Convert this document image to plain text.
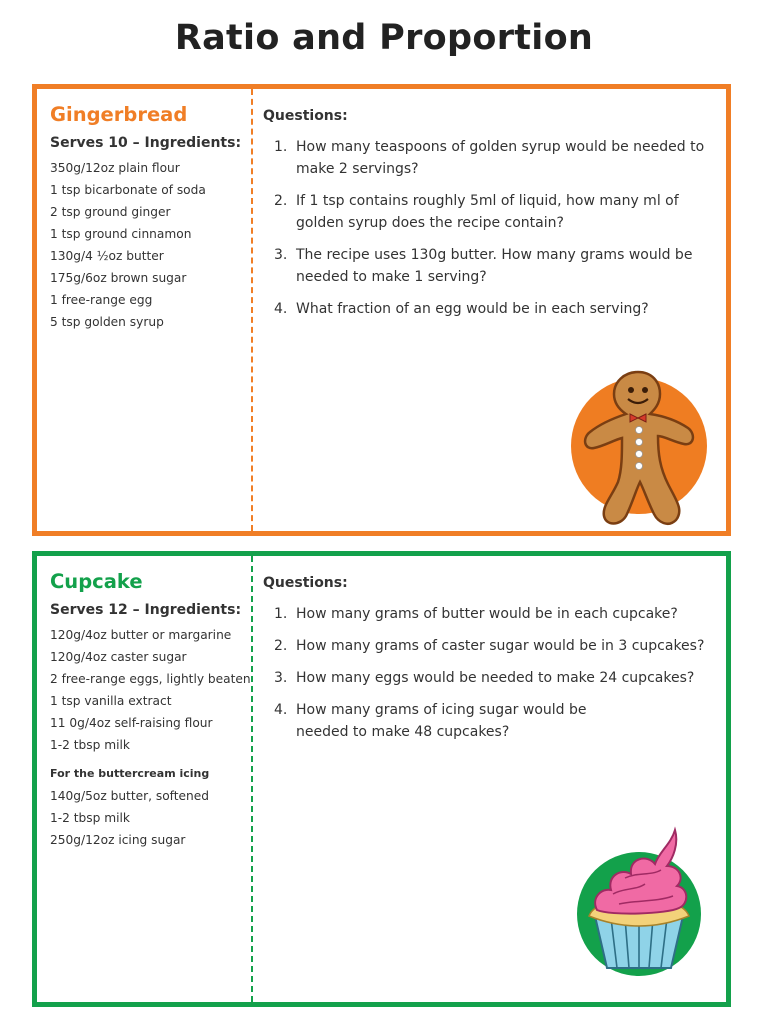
Ratio and Proportion
Gingerbread
Serves 10 – Ingredients:
350g/12oz plain flour
1 tsp bicarbonate of soda
2 tsp ground ginger
1 tsp ground cinnamon
130g/4 ½oz butter
175g/6oz brown sugar
1 free-range egg
5 tsp golden syrup
Questions:
1. How many teaspoons of golden syrup would be needed to make 2 servings?
2. If 1 tsp contains roughly 5ml of liquid, how many ml of golden syrup does the recipe contain?
3. The recipe uses 130g butter. How many grams would be needed to make 1 serving?
4. What fraction of an egg would be in each serving?
Cupcake
Serves 12 – Ingredients:
120g/4oz butter or margarine
120g/4oz caster sugar
2 free-range eggs, lightly beaten
1 tsp vanilla extract
11 0g/4oz self-raising flour
1-2 tbsp milk
For the buttercream icing
140g/5oz butter, softened
1-2 tbsp milk
250g/12oz icing sugar
Questions:
1. How many grams of butter would be in each cupcake?
2. How many grams of caster sugar would be in 3 cupcakes?
3. How many eggs would be needed to make 24 cupcakes?
4. How many grams of icing sugar would be needed to make 48 cupcakes?
